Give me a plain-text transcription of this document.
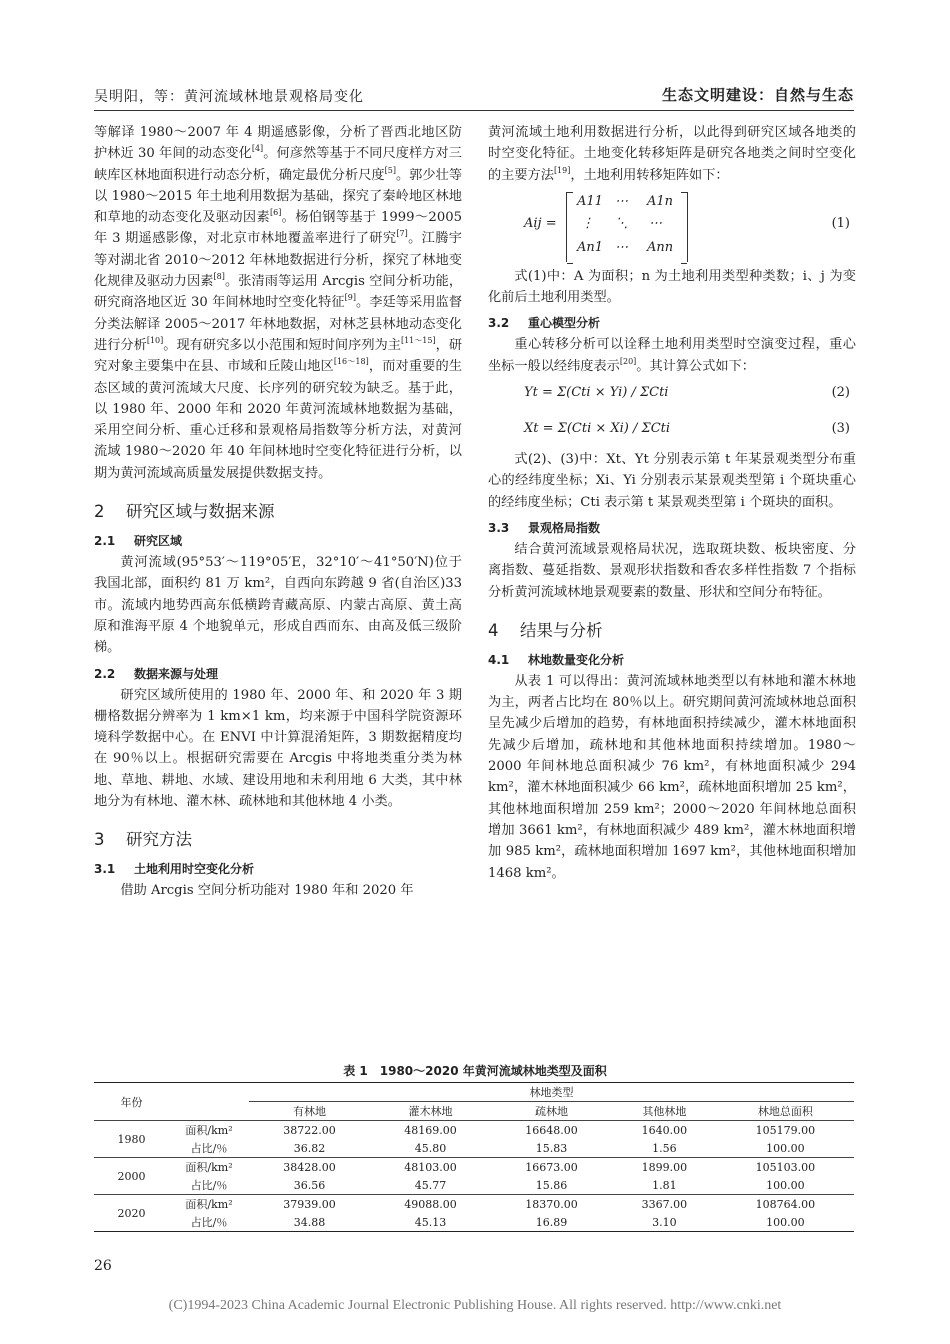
吴明阳，等：黄河流域林地景观格局变化	生态文明建设：自然与生态

等解译 1980～2007 年 4 期遥感影像，分析了晋西北地区防护林近 30 年间的动态变化[4]。何彦然等基于不同尺度样方对三峡库区林地面积进行动态分析，确定最优分析尺度[5]。郭少壮等以 1980～2015 年土地利用数据为基础，探究了秦岭地区林地和草地的动态变化及驱动因素[6]。杨伯钢等基于 1999～2005 年 3 期遥感影像，对北京市林地覆盖率进行了研究[7]。江腾宇等对湖北省 2010～2012 年林地数据进行分析，探究了林地变化规律及驱动力因素[8]。张清雨等运用 Arcgis 空间分析功能，研究商洛地区近 30 年间林地时空变化特征[9]。李廷等采用监督分类法解译 2005～2017 年林地数据，对林芝县林地动态变化进行分析[10]。现有研究多以小范围和短时间序列为主[11～15]，研究对象主要集中在县、市域和丘陵山地区[16～18]，而对重要的生态区域的黄河流域大尺度、长序列的研究较为缺乏。基于此，以 1980 年、2000 年和 2020 年黄河流域林地数据为基础，采用空间分析、重心迁移和景观格局指数等分析方法，对黄河流域 1980～2020 年 40 年间林地时空变化特征进行分析，以期为黄河流域高质量发展提供数据支持。

2 研究区域与数据来源
2.1 研究区域

黄河流域(95°53′～119°05′E，32°10′～41°50′N)位于我国北部，面积约 81 万 km²，自西向东跨越 9 省(自治区)33 市。流域内地势西高东低横跨青藏高原、内蒙古高原、黄土高原和淮海平原 4 个地貌单元，形成自西而东、由高及低三级阶梯。

2.2 数据来源与处理

研究区域所使用的 1980 年、2000 年、和 2020 年 3 期栅格数据分辨率为 1 km×1 km，均来源于中国科学院资源环境科学数据中心。在 ENVI 中计算混淆矩阵，3 期数据精度均在 90％以上。根据研究需要在 Arcgis 中将地类重分类为林地、草地、耕地、水域、建设用地和未利用地 6 大类，其中林地分为有林地、灌木林、疏林地和其他林地 4 小类。

3 研究方法
3.1 土地利用时空变化分析

借助 Arcgis 空间分析功能对 1980 年和 2020 年

黄河流域土地利用数据进行分析，以此得到研究区域各地类的时空变化特征。土地变化转移矩阵是研究各地类之间时空变化的主要方法[19]，土地利用转移矩阵如下：

Aij =
A11 ⋯ A1n
⋮ ⋱ ⋯
An1 ⋯ Ann
(1)

式(1)中：A 为面积；n 为土地利用类型种类数；i、j 为变化前后土地利用类型。

3.2 重心模型分析

重心转移分析可以诠释土地利用类型时空演变过程，重心坐标一般以经纬度表示[20]。其计算公式如下：

Yt = Σ(Cti × Yi) / ΣCti	(2)
Xt = Σ(Cti × Xi) / ΣCti	(3)

式(2)、(3)中：Xt、Yt 分别表示第 t 年某景观类型分布重心的经纬度坐标；Xi、Yi 分别表示某景观类型第 i 个斑块重心的经纬度坐标；Cti 表示第 t 某景观类型第 i 个斑块的面积。

3.3 景观格局指数

结合黄河流域景观格局状况，选取斑块数、板块密度、分离指数、蔓延指数、景观形状指数和香农多样性指数 7 个指标分析黄河流域林地景观要素的数量、形状和空间分布特征。

4 结果与分析
4.1 林地数量变化分析

从表 1 可以得出：黄河流域林地类型以有林地和灌木林地为主，两者占比均在 80％以上。研究期间黄河流域林地总面积呈先减少后增加的趋势，有林地面积持续减少，灌木林地面积先减少后增加，疏林地和其他林地面积持续增加。1980～2000 年间林地总面积减少 76 km²，有林地面积减少 294 km²，灌木林地面积减少 66 km²，疏林地面积增加 25 km²，其他林地面积增加 259 km²；2000～2020 年间林地总面积增加 3661 km²，有林地面积减少 489 km²，灌木林地面积增加 985 km²，疏林地面积增加 1697 km²，其他林地面积增加 1468 km²。

表 1　1980～2020 年黄河流域林地类型及面积
年份		林地类型				
		有林地	灌木林地	疏林地	其他林地	林地总面积
1980	面积/km²	38722.00	48169.00	16648.00	1640.00	105179.00
	占比/％	36.82	45.80	15.83	1.56	100.00
2000	面积/km²	38428.00	48103.00	16673.00	1899.00	105103.00
	占比/％	36.56	45.77	15.86	1.81	100.00
2020	面积/km²	37939.00	49088.00	18370.00	3367.00	108764.00
	占比/％	34.88	45.13	16.89	3.10	100.00
26
(C)1994-2023 China Academic Journal Electronic Publishing House. All rights reserved. http://www.cnki.net
